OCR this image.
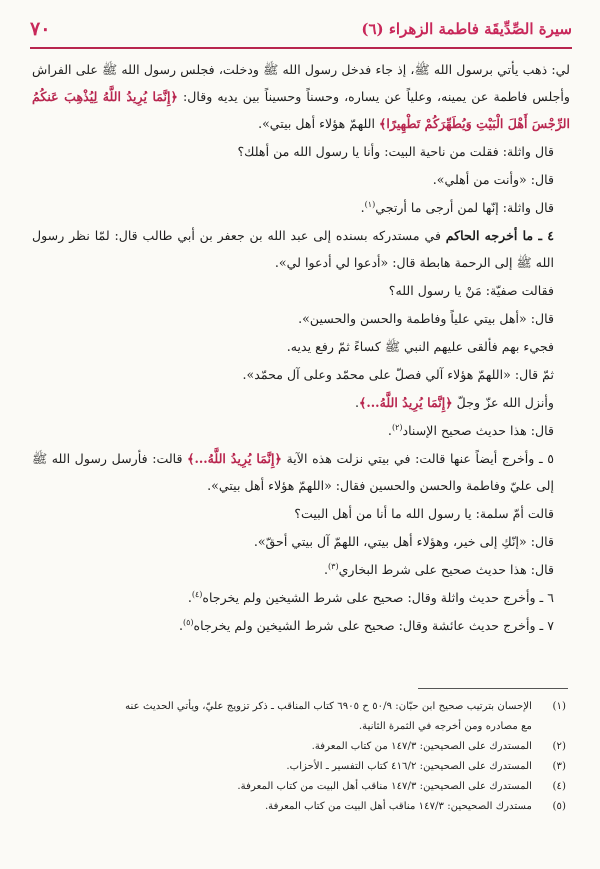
سيرة الصِّدِّيقَة فاطمة الزهراء (٦)
٧٠

لي: ذهب يأتي برسول الله ﷺ، إذ جاء فدخل رسول الله ﷺ ودخلت، فجلس رسول الله ﷺ على الفراش وأجلس فاطمة عن يمينه، وعلياً عن يساره، وحسناً وحسيناً بين يديه وقال: ﴿إِنَّمَا يُرِيدُ اللَّهُ لِيُذْهِبَ عَنكُمُ الرِّجْسَ أَهْلَ الْبَيْتِ وَيُطَهِّرَكُمْ تَطْهِيرًا﴾ اللهمّ هؤلاء أهل بيتي».

قال واثلة: فقلت من ناحية البيت: وأنا يا رسول الله من أهلك؟

قال: «وأنت من أهلي».

قال واثلة: إنّها لمن أرجى ما أرتجي$^{(١)}$.

٤ ـ ما أخرجه الحاكم في مستدركه بسنده إلى عبد الله بن جعفر بن أبي طالب قال: لمّا نظر رسول الله ﷺ إلى الرحمة هابطة قال: «أدعوا لي أدعوا لي».

فقالت صفيّة: مَنْ يا رسول الله؟

قال: «أهل بيتي علياً وفاطمة والحسن والحسين».

فجيء بهم فألقى عليهم النبي ﷺ كساءً ثمّ رفع يديه.

ثمّ قال: «اللهمّ هؤلاء آلي فصلّ على محمّد وعلى آل محمّد».

وأنزل الله عزّ وجلّ ﴿إِنَّمَا يُرِيدُ اللَّهُ...﴾.

قال: هذا حديث صحيح الإسناد$^{(٢)}$.

٥ ـ وأخرج أيضاً عنها قالت: في بيتي نزلت هذه الآية ﴿إِنَّمَا يُرِيدُ اللَّهُ...﴾ قالت: فأرسل رسول الله ﷺ إلى عليّ وفاطمة والحسن والحسين فقال: «اللهمّ هؤلاء أهل بيتي».

قالت أمّ سلمة: يا رسول الله ما أنا من أهل البيت؟

قال: «إنّكِ إلى خير، وهؤلاء أهل بيتي، اللهمّ آل بيتي أحقّ».

قال: هذا حديث صحيح على شرط البخاري$^{(٣)}$.

٦ ـ وأخرج حديث واثلة وقال: صحيح على شرط الشيخين ولم يخرجاه$^{(٤)}$.

٧ ـ وأخرج حديث عائشة وقال: صحيح على شرط الشيخين ولم يخرجاه$^{(٥)}$.

(١)
الإحسان بترتيب صحيح ابن حبّان: ٥٠/٩ ح ٦٩٠٥ كتاب المناقب ـ ذكر تزويج عليّ، ويأتي الحديث عنه
مع مصادره ومن أخرجه في الثمرة الثانية.
(٢)
المستدرك على الصحيحين: ١٤٧/٣ من كتاب المعرفة.
(٣)
المستدرك على الصحيحين: ٤١٦/٢ كتاب التفسير ـ الأحزاب.
(٤)
المستدرك على الصحيحين: ١٤٧/٣ مناقب أهل البيت من كتاب المعرفة.
(٥)
مستدرك الصحيحين: ١٤٧/٣ مناقب أهل البيت من كتاب المعرفة.
